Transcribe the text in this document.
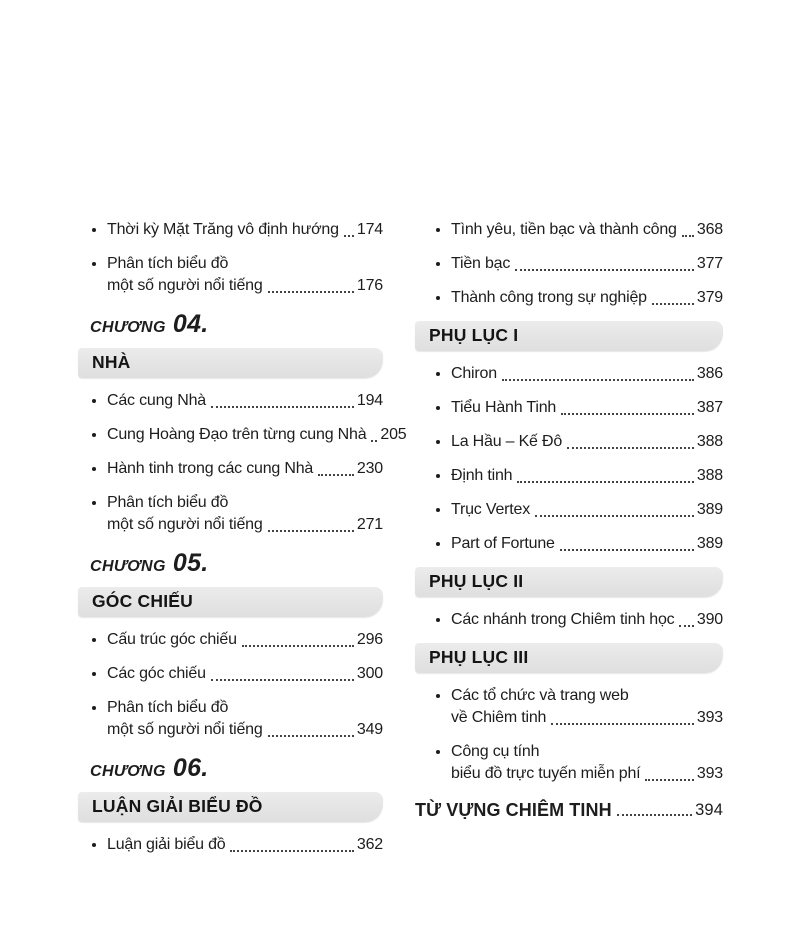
Thời kỳ Mặt Trăng vô định hướng 174
Phân tích biểu đồ
một số người nổi tiếng	176
CHƯƠNG 04.
NHÀ
Các cung Nhà	194
Cung Hoàng Đạo trên từng cung Nhà 205
Hành tinh trong các cung Nhà	230
Phân tích biểu đồ
một số người nổi tiếng	271
CHƯƠNG 05.
GÓC CHIẾU
Cấu trúc góc chiếu	296
Các góc chiếu	300
Phân tích biểu đồ
một số người nổi tiếng	349
CHƯƠNG 06.
LUẬN GIẢI BIỂU ĐỒ
Luận giải biểu đồ	362
Tình yêu, tiền bạc và thành công 368
Tiền bạc	377
Thành công trong sự nghiệp	379
PHỤ LỤC I
Chiron	386
Tiểu Hành Tinh	387
La Hầu – Kế Đô	388
Định tinh	388
Trục Vertex	389
Part of Fortune	389
PHỤ LỤC II
Các nhánh trong Chiêm tinh học 390
PHỤ LỤC III
Các tổ chức và trang web
về Chiêm tinh	393
Công cụ tính
biểu đồ trực tuyến miễn phí	393
TỪ VỰNG CHIÊM TINH	394
